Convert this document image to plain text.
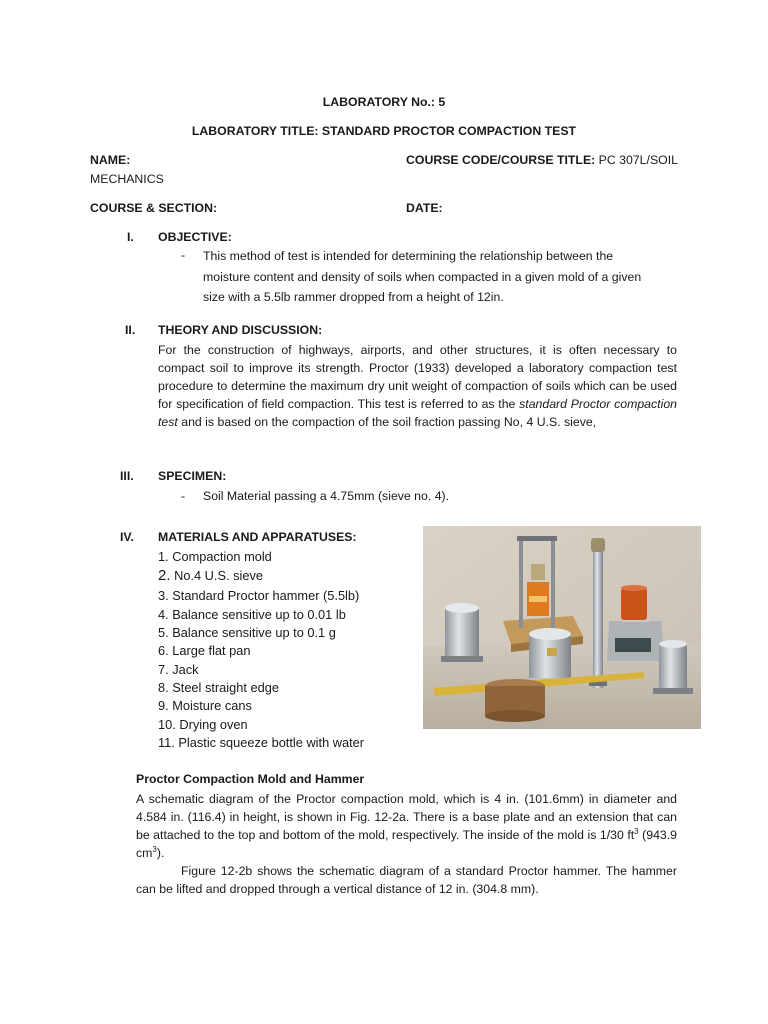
LABORATORY No.: 5
LABORATORY TITLE: STANDARD PROCTOR COMPACTION TEST
NAME:	COURSE CODE/COURSE TITLE: PC 307L/SOIL
MECHANICS
COURSE & SECTION:	DATE:
I. OBJECTIVE:
- This method of test is intended for determining the relationship between the moisture content and density of soils when compacted in a given mold of a given size with a 5.5lb rammer dropped from a height of 12in.
II. THEORY AND DISCUSSION:
For the construction of highways, airports, and other structures, it is often necessary to compact soil to improve its strength. Proctor (1933) developed a laboratory compaction test procedure to determine the maximum dry unit weight of compaction of soils which can be used for specification of field compaction. This test is referred to as the standard Proctor compaction test and is based on the compaction of the soil fraction passing No, 4 U.S. sieve,
III. SPECIMEN:
- Soil Material passing a 4.75mm (sieve no. 4).
IV. MATERIALS AND APPARATUSES:
1. Compaction mold
2. No.4 U.S. sieve
3. Standard Proctor hammer (5.5lb)
4. Balance sensitive up to 0.01 lb
5. Balance sensitive up to 0.1 g
6. Large flat pan
7. Jack
8. Steel straight edge
9. Moisture cans
10. Drying oven
11. Plastic squeeze bottle with water
Proctor Compaction Mold and Hammer
A schematic diagram of the Proctor compaction mold, which is 4 in. (101.6mm) in diameter and 4.584 in. (116.4) in height, is shown in Fig. 12-2a. There is a base plate and an extension that can be attached to the top and bottom of the mold, respectively. The inside of the mold is 1/30 $ft^3$ (943.9 $cm^3$).
Figure 12-2b shows the schematic diagram of a standard Proctor hammer. The hammer can be lifted and dropped through a vertical distance of 12 in. (304.8 mm).
